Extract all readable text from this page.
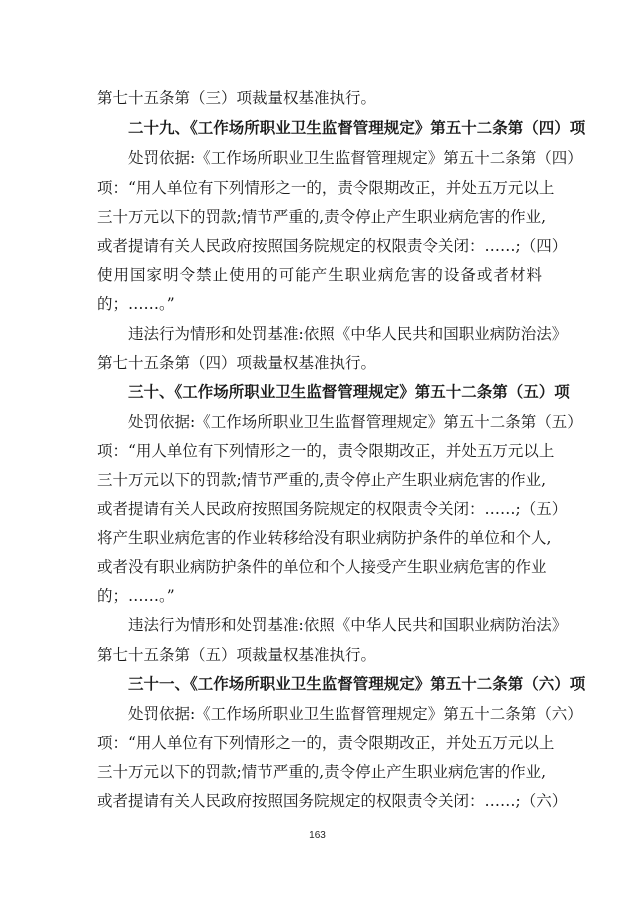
第七十五条第（三）项裁量权基准执行。
二十九、《工作场所职业卫生监督管理规定》第五十二条第（四）项
处罚依据:《工作场所职业卫生监督管理规定》第五十二条第（四）
项：“用人单位有下列情形之一的，责令限期改正，并处五万元以上
三十万元以下的罚款;情节严重的,责令停止产生职业病危害的作业,
或者提请有关人民政府按照国务院规定的权限责令关闭：……;（四）
使用国家明令禁止使用的可能产生职业病危害的设备或者材料
的；……。”
违法行为情形和处罚基准:依照《中华人民共和国职业病防治法》
第七十五条第（四）项裁量权基准执行。
三十、《工作场所职业卫生监督管理规定》第五十二条第（五）项
处罚依据:《工作场所职业卫生监督管理规定》第五十二条第（五）
项：“用人单位有下列情形之一的，责令限期改正，并处五万元以上
三十万元以下的罚款;情节严重的,责令停止产生职业病危害的作业,
或者提请有关人民政府按照国务院规定的权限责令关闭：……;（五）
将产生职业病危害的作业转移给没有职业病防护条件的单位和个人,
或者没有职业病防护条件的单位和个人接受产生职业病危害的作业
的；……。”
违法行为情形和处罚基准:依照《中华人民共和国职业病防治法》
第七十五条第（五）项裁量权基准执行。
三十一、《工作场所职业卫生监督管理规定》第五十二条第（六）项
处罚依据:《工作场所职业卫生监督管理规定》第五十二条第（六）
项：“用人单位有下列情形之一的，责令限期改正，并处五万元以上
三十万元以下的罚款;情节严重的,责令停止产生职业病危害的作业,
或者提请有关人民政府按照国务院规定的权限责令关闭：……;（六）
163
